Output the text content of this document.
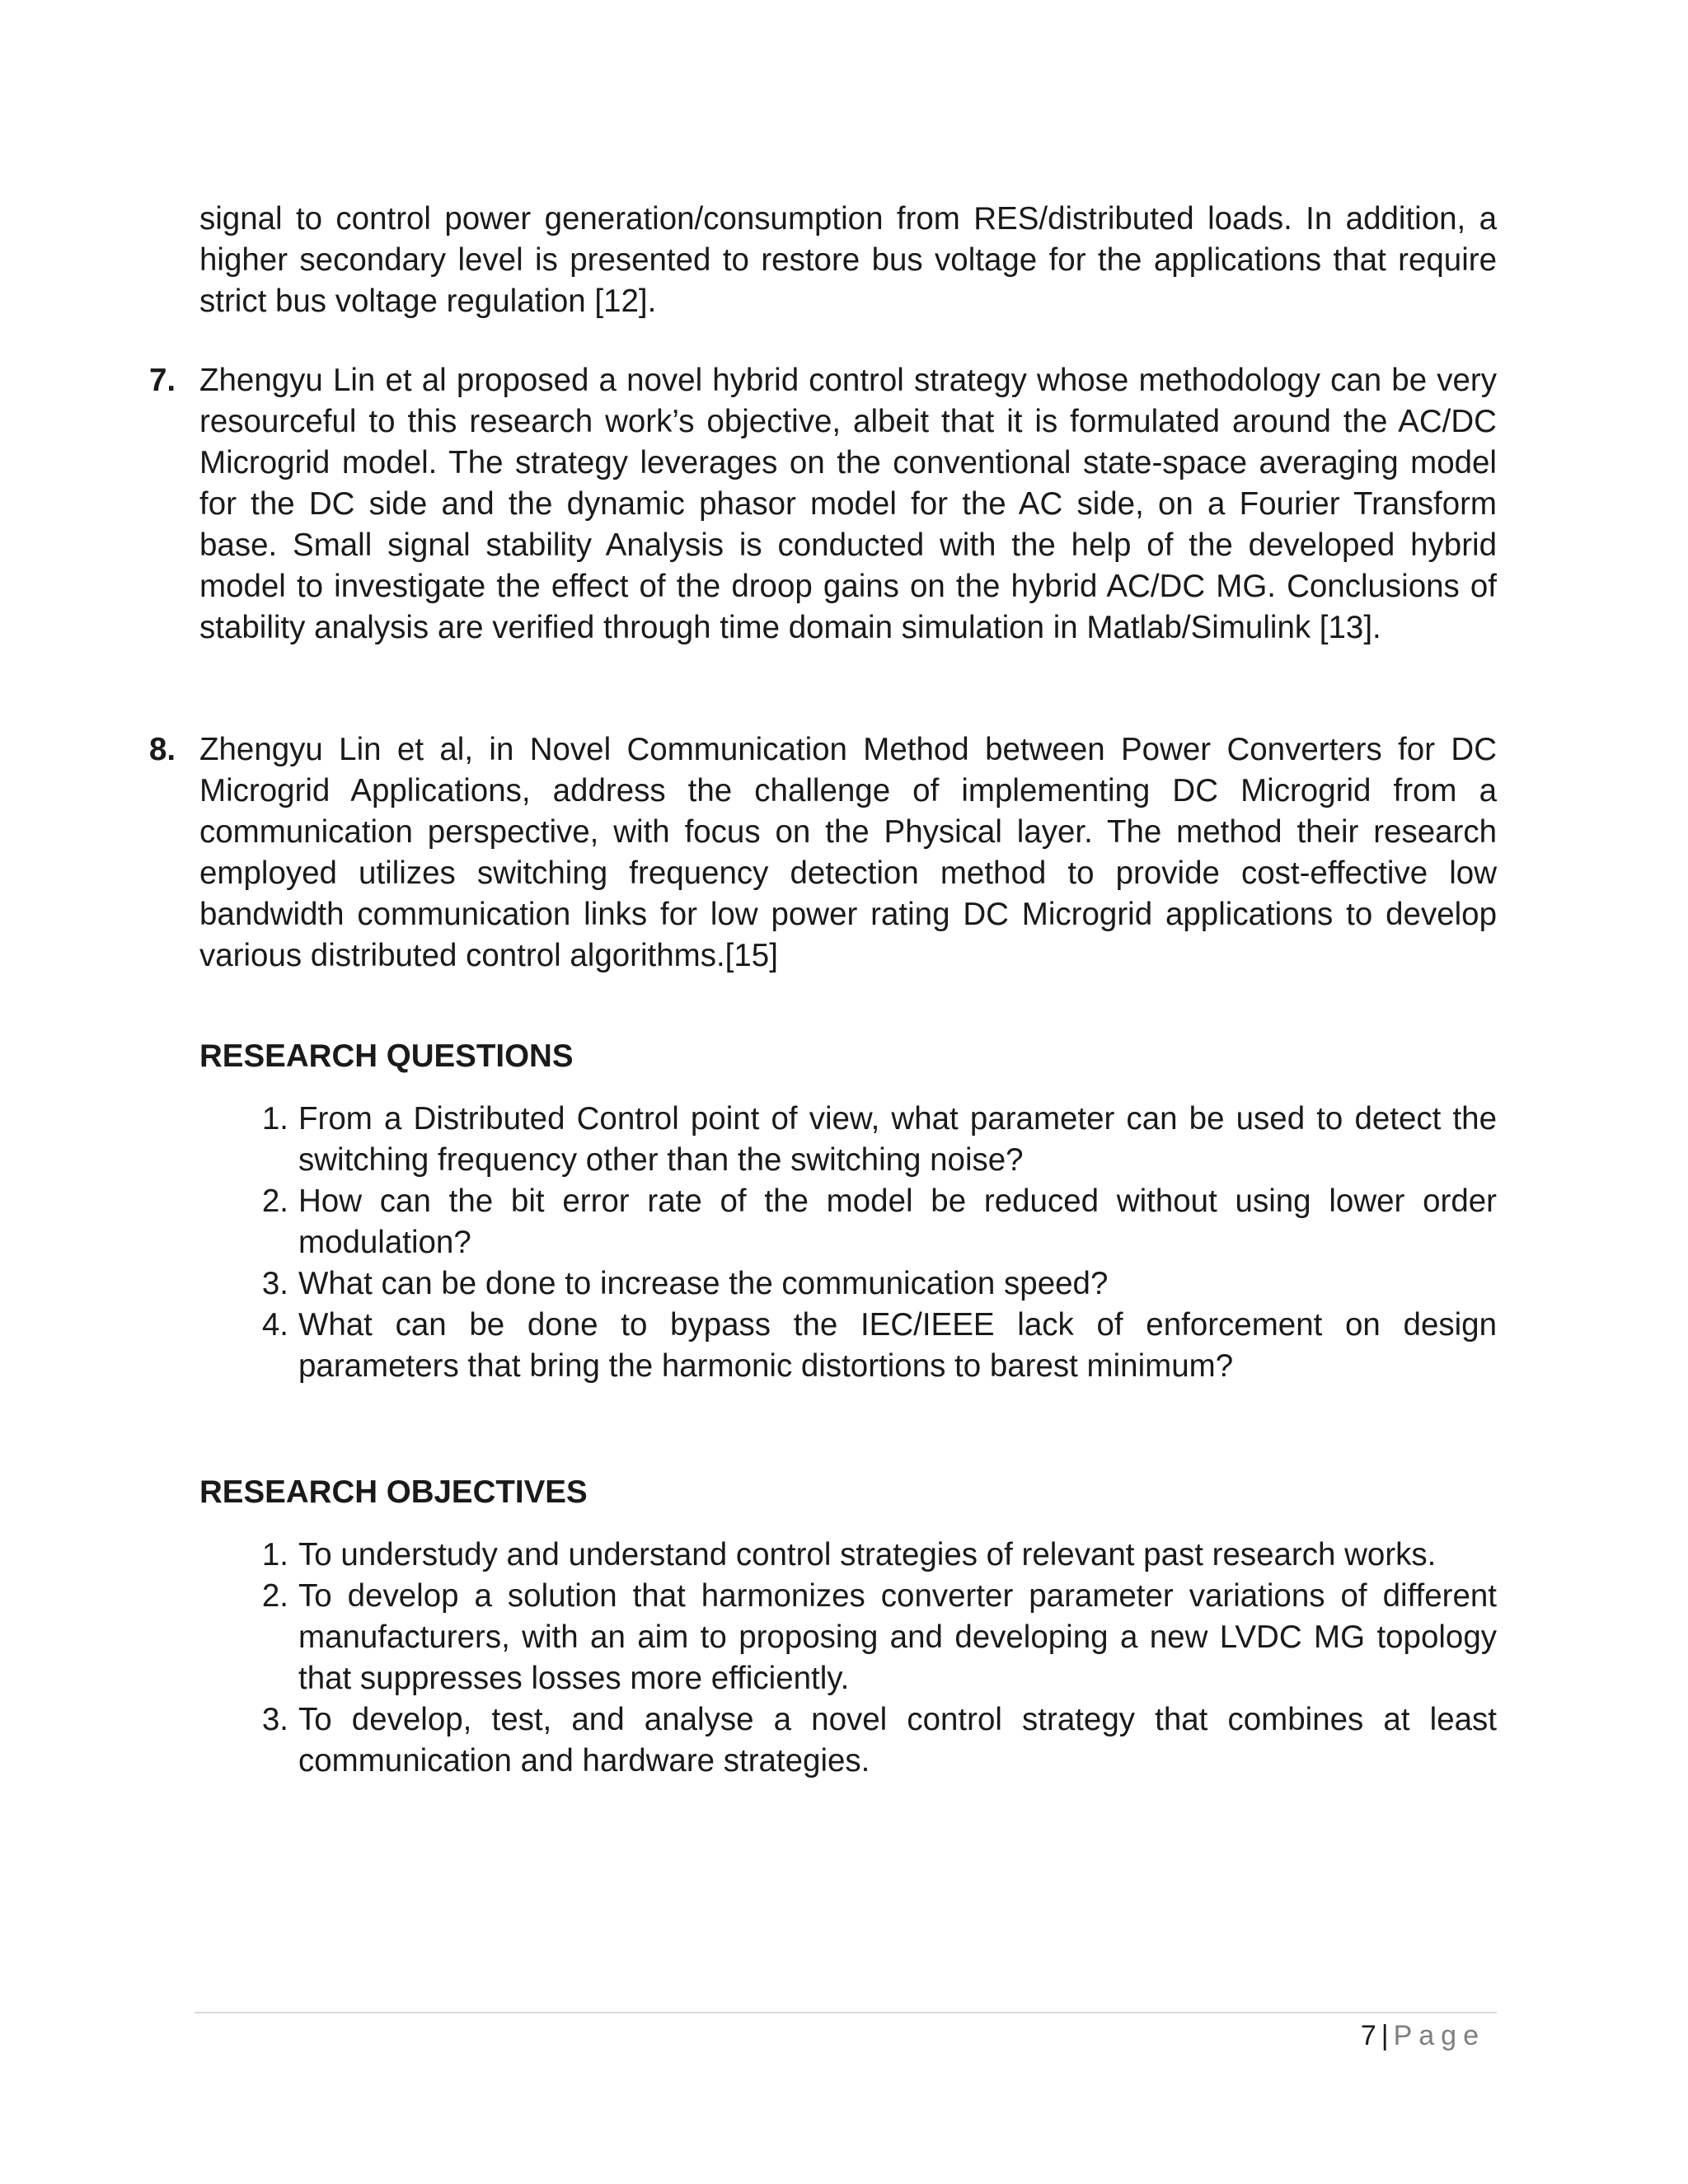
signal to control power generation/consumption from RES/distributed loads. In addition, a higher secondary level is presented to restore bus voltage for the applications that require strict bus voltage regulation [12].

7. Zhengyu Lin et al proposed a novel hybrid control strategy whose methodology can be very resourceful to this research work’s objective, albeit that it is formulated around the AC/DC Microgrid model. The strategy leverages on the conventional state-space averaging model for the DC side and the dynamic phasor model for the AC side, on a Fourier Transform base. Small signal stability Analysis is conducted with the help of the developed hybrid model to investigate the effect of the droop gains on the hybrid AC/DC MG. Conclusions of stability analysis are verified through time domain simulation in Matlab/Simulink [13].

8. Zhengyu Lin et al, in Novel Communication Method between Power Converters for DC Microgrid Applications, address the challenge of implementing DC Microgrid from a communication perspective, with focus on the Physical layer. The method their research employed utilizes switching frequency detection method to provide cost-effective low bandwidth communication links for low power rating DC Microgrid applications to develop various distributed control algorithms.[15]

RESEARCH QUESTIONS
1. From a Distributed Control point of view, what parameter can be used to detect the switching frequency other than the switching noise?

2. How can the bit error rate of the model be reduced without using lower order modulation?

3. What can be done to increase the communication speed?

4. What can be done to bypass the IEC/IEEE lack of enforcement on design parameters that bring the harmonic distortions to barest minimum?

RESEARCH OBJECTIVES
1. To understudy and understand control strategies of relevant past research works.

2. To develop a solution that harmonizes converter parameter variations of different manufacturers, with an aim to proposing and developing a new LVDC MG topology that suppresses losses more efficiently.

3. To develop, test, and analyse a novel control strategy that combines at least communication and hardware strategies.

7 | Page
